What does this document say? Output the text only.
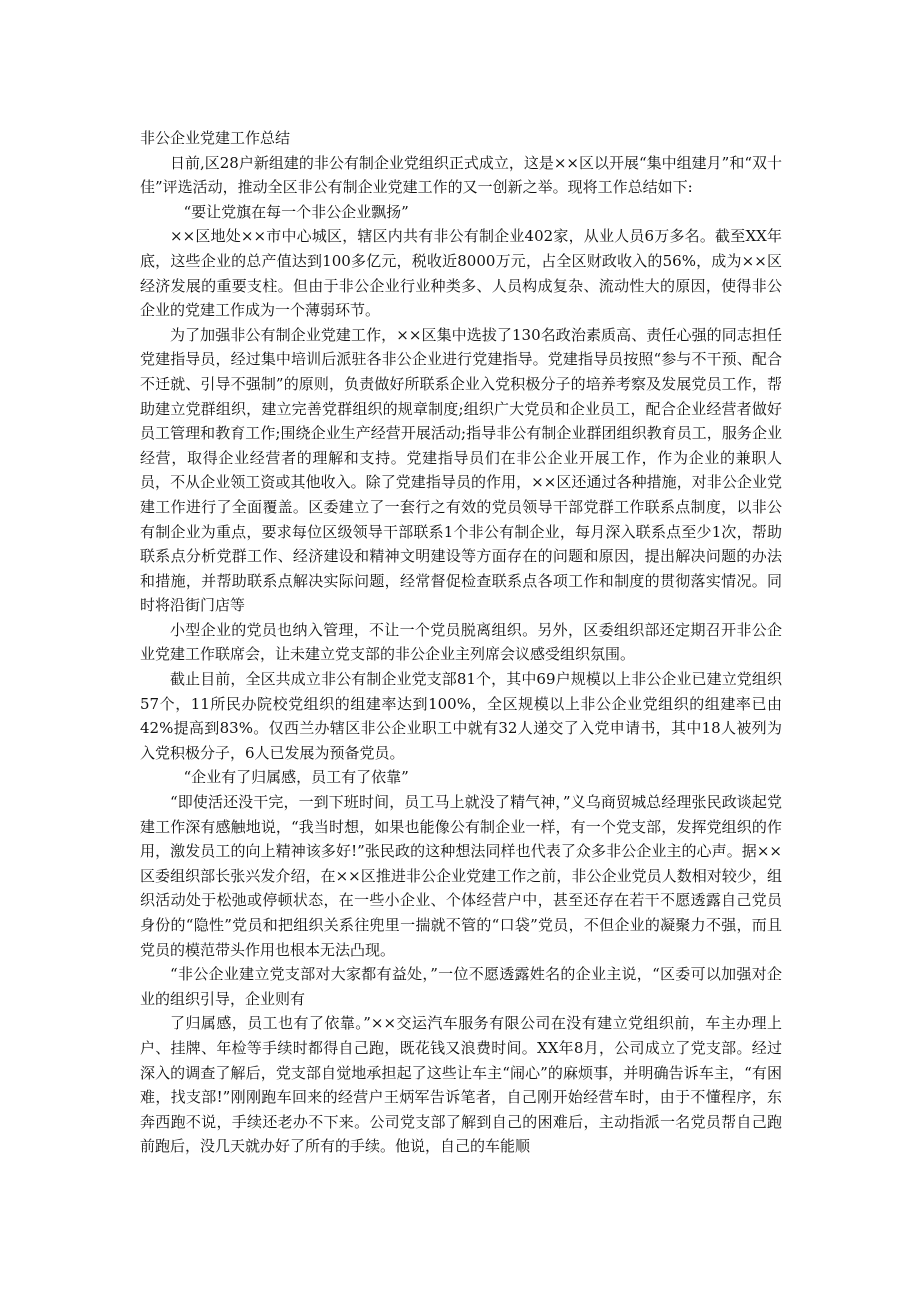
非公企业党建工作总结

日前,区28户新组建的非公有制企业党组织正式成立，这是××区以开展“集中组建月”和“双十佳”评选活动，推动全区非公有制企业党建工作的又一创新之举。现将工作总结如下:

“要让党旗在每一个非公企业飘扬”

××区地处××市中心城区，辖区内共有非公有制企业402家，从业人员6万多名。截至XX年底，这些企业的总产值达到100多亿元，税收近8000万元，占全区财政收入的56%，成为××区经济发展的重要支柱。但由于非公企业行业种类多、人员构成复杂、流动性大的原因，使得非公企业的党建工作成为一个薄弱环节。

为了加强非公有制企业党建工作，××区集中选拔了130名政治素质高、责任心强的同志担任党建指导员，经过集中培训后派驻各非公企业进行党建指导。党建指导员按照“参与不干预、配合不迁就、引导不强制”的原则，负责做好所联系企业入党积极分子的培养考察及发展党员工作，帮助建立党群组织，建立完善党群组织的规章制度;组织广大党员和企业员工，配合企业经营者做好员工管理和教育工作;围绕企业生产经营开展活动;指导非公有制企业群团组织教育员工，服务企业经营，取得企业经营者的理解和支持。党建指导员们在非公企业开展工作，作为企业的兼职人员，不从企业领工资或其他收入。除了党建指导员的作用，××区还通过各种措施，对非公企业党建工作进行了全面覆盖。区委建立了一套行之有效的党员领导干部党群工作联系点制度，以非公有制企业为重点，要求每位区级领导干部联系1个非公有制企业，每月深入联系点至少1次，帮助联系点分析党群工作、经济建设和精神文明建设等方面存在的问题和原因，提出解决问题的办法和措施，并帮助联系点解决实际问题，经常督促检查联系点各项工作和制度的贯彻落实情况。同时将沿街门店等

小型企业的党员也纳入管理，不让一个党员脱离组织。另外，区委组织部还定期召开非公企业党建工作联席会，让未建立党支部的非公企业主列席会议感受组织氛围。

截止目前，全区共成立非公有制企业党支部81个，其中69户规模以上非公企业已建立党组织57个，11所民办院校党组织的组建率达到100%，全区规模以上非公企业党组织的组建率已由42%提高到83%。仅西兰办辖区非公企业职工中就有32人递交了入党申请书，其中18人被列为入党积极分子，6人已发展为预备党员。

“企业有了归属感，员工有了依靠”

“即使活还没干完，一到下班时间，员工马上就没了精气神，”义乌商贸城总经理张民政谈起党建工作深有感触地说，“我当时想，如果也能像公有制企业一样，有一个党支部，发挥党组织的作用，激发员工的向上精神该多好!”张民政的这种想法同样也代表了众多非公企业主的心声。据××区委组织部长张兴发介绍，在××区推进非公企业党建工作之前，非公企业党员人数相对较少，组织活动处于松弛或停顿状态，在一些小企业、个体经营户中，甚至还存在若干不愿透露自己党员身份的“隐性”党员和把组织关系往兜里一揣就不管的“口袋”党员，不但企业的凝聚力不强，而且党员的模范带头作用也根本无法凸现。

“非公企业建立党支部对大家都有益处，”一位不愿透露姓名的企业主说，“区委可以加强对企业的组织引导，企业则有

了归属感，员工也有了依靠。”××交运汽车服务有限公司在没有建立党组织前，车主办理上户、挂牌、年检等手续时都得自己跑，既花钱又浪费时间。XX年8月，公司成立了党支部。经过深入的调查了解后，党支部自觉地承担起了这些让车主“闹心”的麻烦事，并明确告诉车主，“有困难，找支部!”刚刚跑车回来的经营户王炳军告诉笔者，自己刚开始经营车时，由于不懂程序，东奔西跑不说，手续还老办不下来。公司党支部了解到自己的困难后，主动指派一名党员帮自己跑前跑后，没几天就办好了所有的手续。他说，自己的车能顺
